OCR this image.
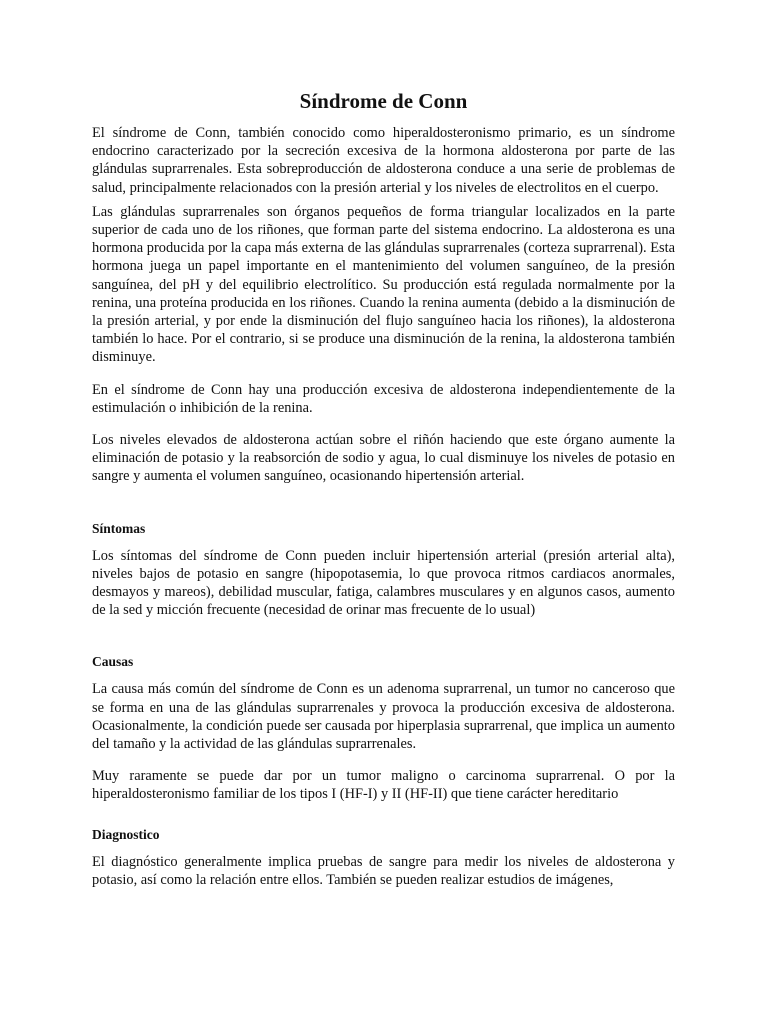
Síndrome de Conn

El síndrome de Conn, también conocido como hiperaldosteronismo primario, es un síndrome endocrino caracterizado por la secreción excesiva de la hormona aldosterona por parte de las glándulas suprarrenales. Esta sobreproducción de aldosterona conduce a una serie de problemas de salud, principalmente relacionados con la presión arterial y los niveles de electrolitos en el cuerpo.

Las glándulas suprarrenales son órganos pequeños de forma triangular localizados en la parte superior de cada uno de los riñones, que forman parte del sistema endocrino. La aldosterona es una hormona producida por la capa más externa de las glándulas suprarrenales (corteza suprarrenal). Esta hormona juega un papel importante en el mantenimiento del volumen sanguíneo, de la presión sanguínea, del pH y del equilibrio electrolítico. Su producción está regulada normalmente por la renina, una proteína producida en los riñones. Cuando la renina aumenta (debido a la disminución de la presión arterial, y por ende la disminución del flujo sanguíneo hacia los riñones), la aldosterona también lo hace. Por el contrario, si se produce una disminución de la renina, la aldosterona también disminuye.

En el síndrome de Conn hay una producción excesiva de aldosterona independientemente de la estimulación o inhibición de la renina.

Los niveles elevados de aldosterona actúan sobre el riñón haciendo que este órgano aumente la eliminación de potasio y la reabsorción de sodio y agua, lo cual disminuye los niveles de potasio en sangre y aumenta el volumen sanguíneo, ocasionando hipertensión arterial.

Síntomas

Los síntomas del síndrome de Conn pueden incluir hipertensión arterial (presión arterial alta), niveles bajos de potasio en sangre (hipopotasemia, lo que provoca ritmos cardiacos anormales, desmayos y mareos), debilidad muscular, fatiga, calambres musculares y en algunos casos, aumento de la sed y micción frecuente (necesidad de orinar mas frecuente de lo usual)

Causas

La causa más común del síndrome de Conn es un adenoma suprarrenal, un tumor no canceroso que se forma en una de las glándulas suprarrenales y provoca la producción excesiva de aldosterona. Ocasionalmente, la condición puede ser causada por hiperplasia suprarrenal, que implica un aumento del tamaño y la actividad de las glándulas suprarrenales.

Muy raramente se puede dar por un tumor maligno o carcinoma suprarrenal. O por la hiperaldosteronismo familiar de los tipos I (HF-I) y II (HF-II) que tiene carácter hereditario

Diagnostico

El diagnóstico generalmente implica pruebas de sangre para medir los niveles de aldosterona y potasio, así como la relación entre ellos. También se pueden realizar estudios de imágenes,
